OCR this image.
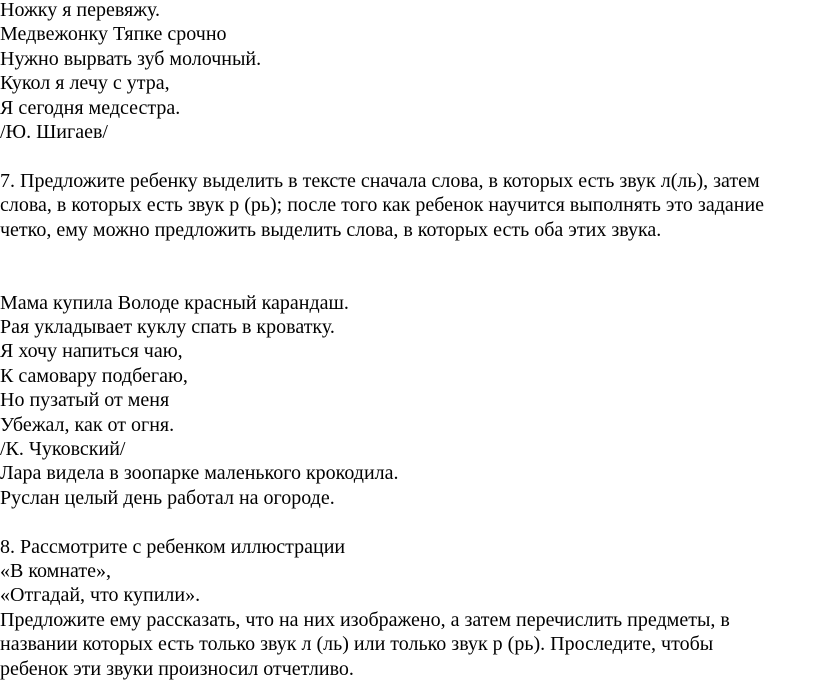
Ножку я перевяжу.
Медвежонку Тяпке срочно
Нужно вырвать зуб молочный.
Кукол я лечу с утра,
Я сегодня медсестра.
/Ю. Шигаев/
7. Предложите ребенку выделить в тексте сначала слова, в которых есть звук л(ль), затем
слова, в которых есть звук р (рь); после того как ребенок научится выполнять это задание
четко, ему можно предложить выделить слова, в которых есть оба этих звука.
Мама купила Володе красный карандаш.
Рая укладывает куклу спать в кроватку.
Я хочу напиться чаю,
К самовару подбегаю,
Но пузатый от меня
Убежал, как от огня.
/К. Чуковский/
Лара видела в зоопарке маленького крокодила.
Руслан целый день работал на огороде.
8. Рассмотрите с ребенком иллюстрации
«В комнате»,
«Отгадай, что купили».
Предложите ему рассказать, что на них изображено, а затем перечислить предметы, в
названии которых есть только звук л (ль) или только звук р (рь). Проследите, чтобы
ребенок эти звуки произносил отчетливо.
